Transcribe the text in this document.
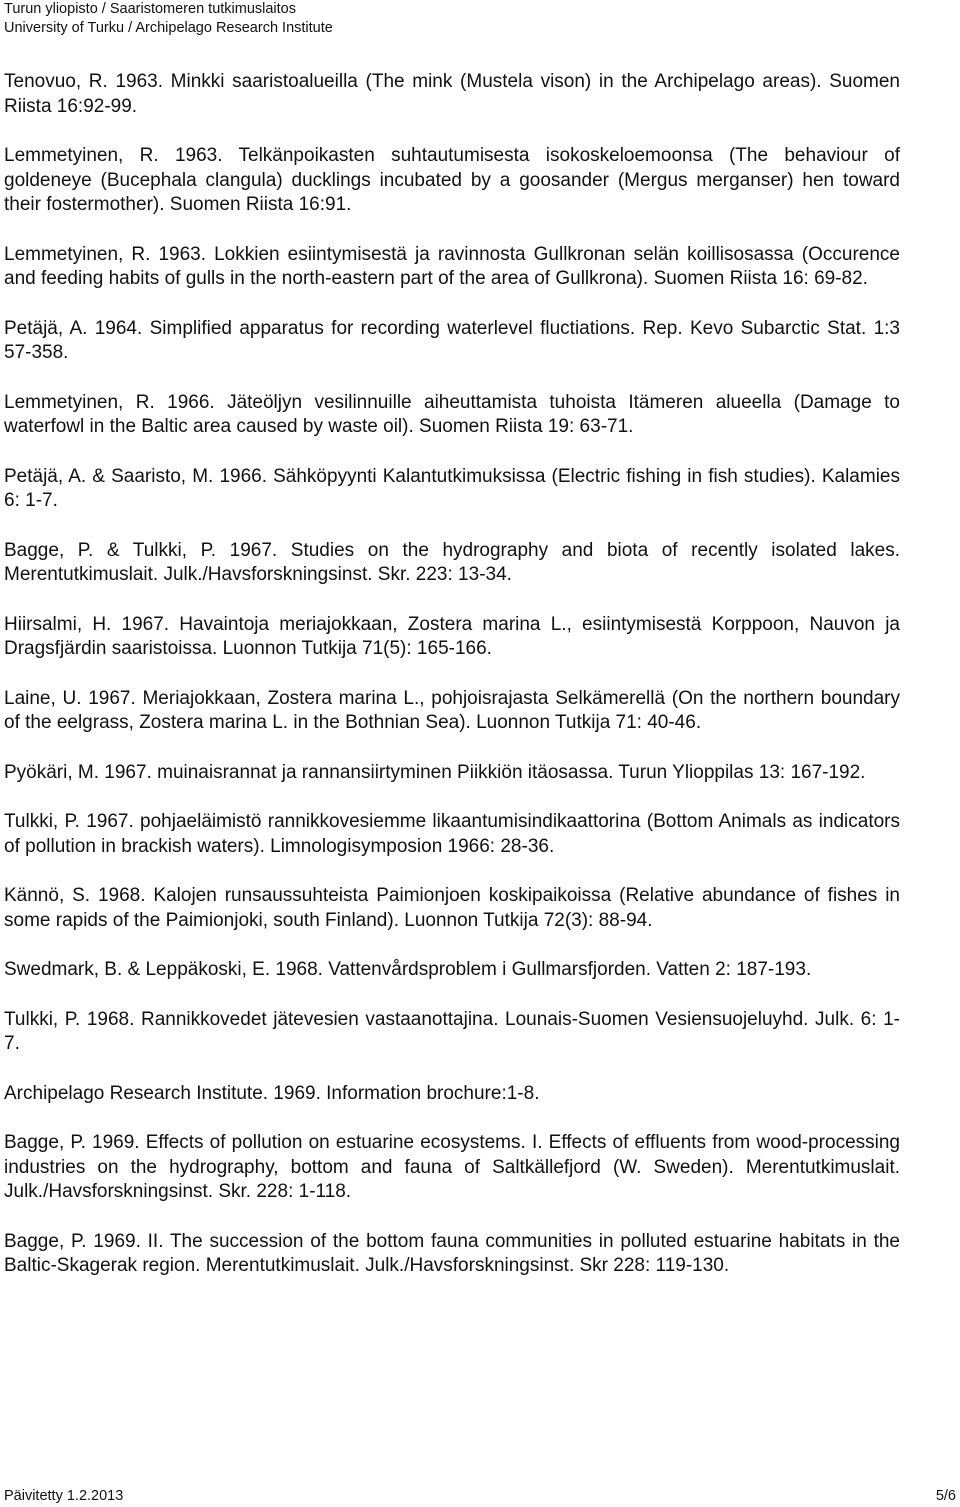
Turun yliopisto / Saaristomeren tutkimuslaitos
University of Turku / Archipelago Research Institute

Tenovuo, R. 1963. Minkki saaristoalueilla (The mink (Mustela vison) in the Archipelago areas). Suomen Riista 16:92-99.

Lemmetyinen, R. 1963. Telkänpoikasten suhtautumisesta isokoskeloemoonsa (The behaviour of goldeneye (Bucephala clangula) ducklings incubated by a goosander (Mergus merganser) hen toward their fostermother). Suomen Riista 16:91.

Lemmetyinen, R. 1963. Lokkien esiintymisestä ja ravinnosta Gullkronan selän koillisosassa (Occurence and feeding habits of gulls in the north-eastern part of the area of Gullkrona). Suomen Riista 16: 69-82.

Petäjä, A. 1964. Simplified apparatus for recording waterlevel fluctiations. Rep. Kevo Subarctic Stat. 1:3 57-358.

Lemmetyinen, R. 1966. Jäteöljyn vesilinnuille aiheuttamista tuhoista Itämeren alueella (Damage to waterfowl in the Baltic area caused by waste oil). Suomen Riista 19: 63-71.

Petäjä, A. & Saaristo, M. 1966. Sähköpyynti Kalantutkimuksissa (Electric fishing in fish studies). Kalamies 6: 1-7.

Bagge, P. & Tulkki, P. 1967. Studies on the hydrography and biota of recently isolated lakes. Merentutkimuslait. Julk./Havsforskningsinst. Skr. 223: 13-34.

Hiirsalmi, H. 1967. Havaintoja meriajokkaan, Zostera marina L., esiintymisestä Korppoon, Nauvon ja Dragsfjärdin saaristoissa. Luonnon Tutkija 71(5): 165-166.

Laine, U. 1967. Meriajokkaan, Zostera marina L., pohjoisrajasta Selkämerellä (On the northern boundary of the eelgrass, Zostera marina L. in the Bothnian Sea). Luonnon Tutkija 71: 40-46.

Pyökäri, M. 1967. muinaisrannat ja rannansiirtyminen Piikkiön itäosassa. Turun Ylioppilas 13: 167-192.

Tulkki, P. 1967. pohjaeläimistö rannikkovesiemme likaantumisindikaattorina (Bottom Animals as indicators of pollution in brackish waters). Limnologisymposion 1966: 28-36.

Kännö, S. 1968. Kalojen runsaussuhteista Paimionjoen koskipaikoissa (Relative abundance of fishes in some rapids of the Paimionjoki, south Finland). Luonnon Tutkija 72(3): 88-94.

Swedmark, B. & Leppäkoski, E. 1968. Vattenvårdsproblem i Gullmarsfjorden. Vatten 2: 187-193.

Tulkki, P. 1968. Rannikkovedet jätevesien vastaanottajina. Lounais-Suomen Vesiensuojeluyhd. Julk. 6: 1-7.

Archipelago Research Institute. 1969. Information brochure:1-8.

Bagge, P. 1969. Effects of pollution on estuarine ecosystems. I. Effects of effluents from wood-processing industries on the hydrography, bottom and fauna of Saltkällefjord (W. Sweden). Merentutkimuslait. Julk./Havsforskningsinst. Skr. 228: 1-118.

Bagge, P. 1969. II. The succession of the bottom fauna communities in polluted estuarine habitats in the Baltic-Skagerak region. Merentutkimuslait. Julk./Havsforskningsinst. Skr 228: 119-130.

Päivitetty 1.2.2013	5/6
